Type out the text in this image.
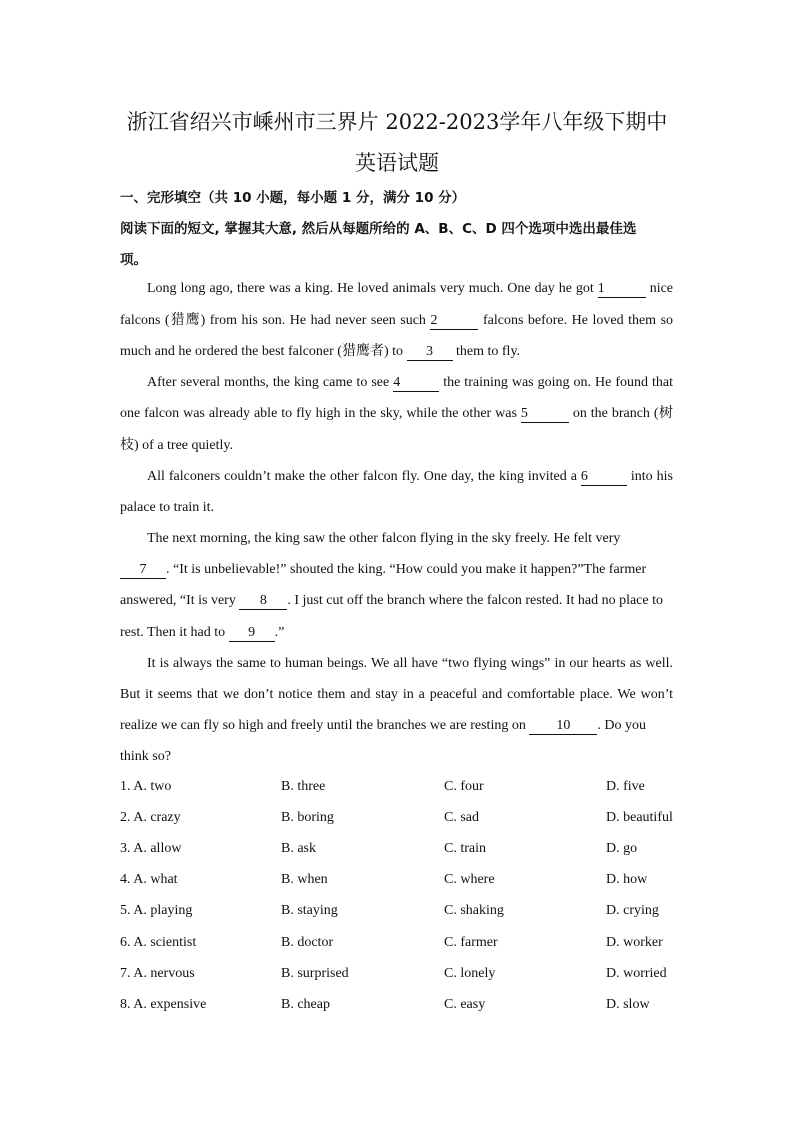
浙江省绍兴市嵊州市三界片 2022-2023学年八年级下期中
英语试题
一、完形填空（共 10 小题，每小题 1 分，满分 10 分）
阅读下面的短文, 掌握其大意, 然后从每题所给的 A、B、C、D 四个选项中选出最佳选
项。
Long long ago, there was a king. He loved animals very much. One day he got 1	nice
falcons (猎鹰) from his son. He had never seen such 2	falcons before. He loved them so
much and he ordered the best falconer (猎鹰者) to 3 them to fly.
After several months, the king came to see 4	the training was going on. He found that
one falcon was already able to fly high in the sky, while the other was 5	on the branch (树
枝) of a tree quietly.
All falconers couldn’t make the other falcon fly. One day, the king invited a 6	into his
palace to train it.
The next morning, the king saw the other falcon flying in the sky freely. He felt very
7 . “It is unbelievable!” shouted the king. “How could you make it happen?”The farmer
answered, “It is very 8 . I just cut off the branch where the falcon rested. It had no place to
rest. Then it had to 9 .”
It is always the same to human beings. We all have “two flying wings” in our hearts as well.
But it seems that we don’t notice them and stay in a peaceful and comfortable place. We won’t
realize we can fly so high and freely until the branches we are resting on 10 . Do you
think so?
1. A. two	B. three	C. four	D. five
2. A. crazy	B. boring	C. sad	D. beautiful
3. A. allow	B. ask	C. train	D. go
4. A. what	B. when	C. where	D. how
5. A. playing	B. staying	C. shaking	D. crying
6. A. scientist	B. doctor	C. farmer	D. worker
7. A. nervous	B. surprised	C. lonely	D. worried
8. A. expensive	B. cheap	C. easy	D. slow
